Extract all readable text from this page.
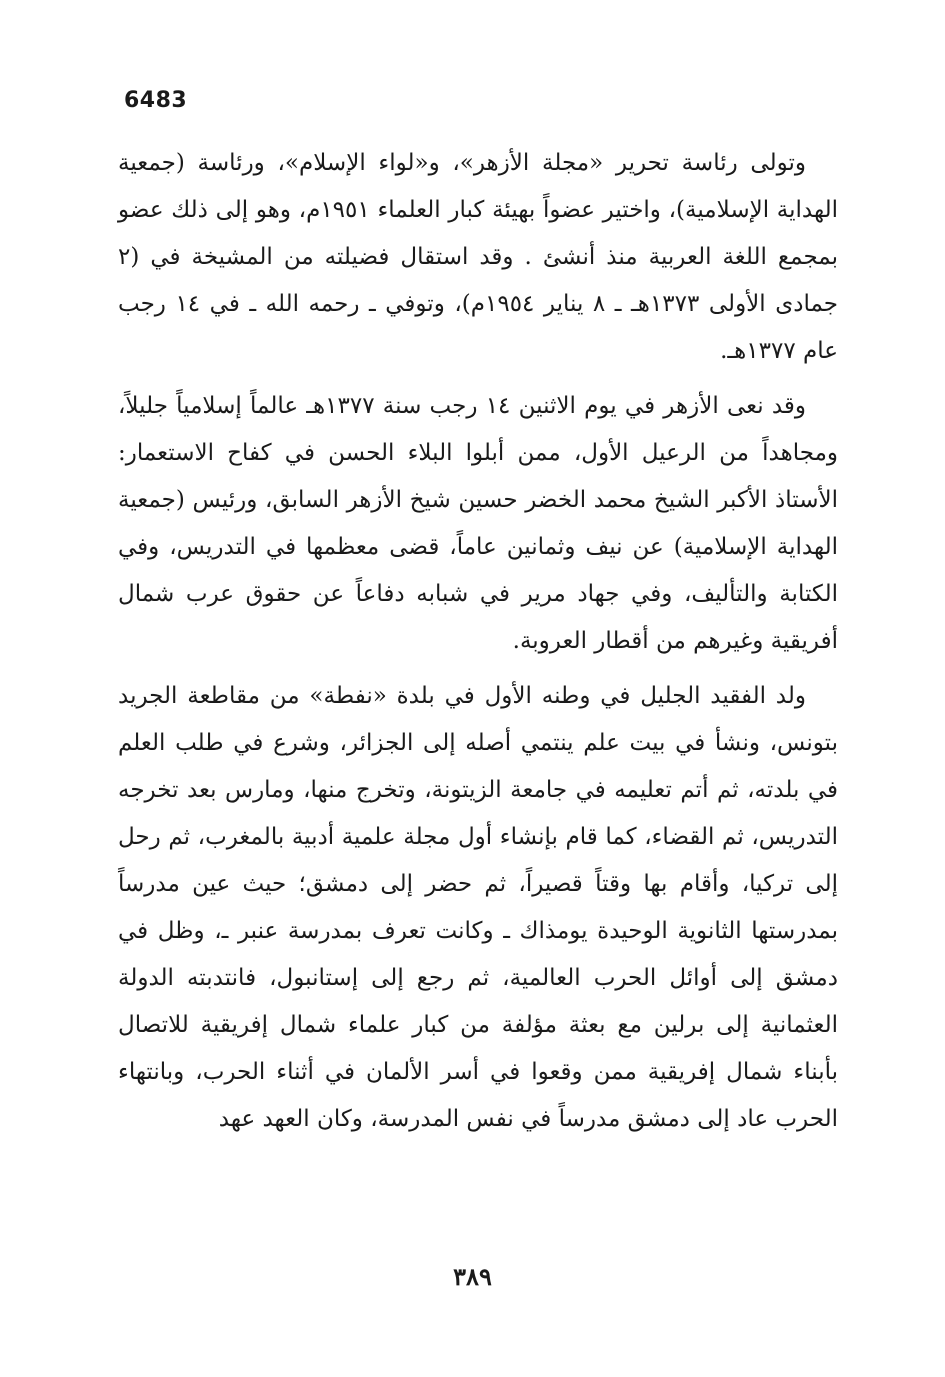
6483

وتولى رئاسة تحرير «مجلة الأزهر»، و«لواء الإسلام»، ورئاسة (جمعية الهداية الإسلامية)، واختير عضواً بهيئة كبار العلماء ١٩٥١م، وهو إلى ذلك عضو بمجمع اللغة العربية منذ أنشئ . وقد استقال فضيلته من المشيخة في (٢ جمادى الأولى ١٣٧٣هـ ـ ٨ يناير ١٩٥٤م)، وتوفي ـ رحمه الله ـ في ١٤ رجب عام ١٣٧٧هـ.

وقد نعى الأزهر في يوم الاثنين ١٤ رجب سنة ١٣٧٧هـ عالماً إسلامياً جليلاً، ومجاهداً من الرعيل الأول، ممن أبلوا البلاء الحسن في كفاح الاستعمار: الأستاذ الأكبر الشيخ محمد الخضر حسين شيخ الأزهر السابق، ورئيس (جمعية الهداية الإسلامية) عن نيف وثمانين عاماً، قضى معظمها في التدريس، وفي الكتابة والتأليف، وفي جهاد مرير في شبابه دفاعاً عن حقوق عرب شمال أفريقية وغيرهم من أقطار العروبة.

ولد الفقيد الجليل في وطنه الأول في بلدة «نفطة» من مقاطعة الجريد بتونس، ونشأ في بيت علم ينتمي أصله إلى الجزائر، وشرع في طلب العلم في بلدته، ثم أتم تعليمه في جامعة الزيتونة، وتخرج منها، ومارس بعد تخرجه التدريس، ثم القضاء، كما قام بإنشاء أول مجلة علمية أدبية بالمغرب، ثم رحل إلى تركيا، وأقام بها وقتاً قصيراً، ثم حضر إلى دمشق؛ حيث عين مدرساً بمدرستها الثانوية الوحيدة يومذاك ـ وكانت تعرف بمدرسة عنبر ـ، وظل في دمشق إلى أوائل الحرب العالمية، ثم رجع إلى إستانبول، فانتدبته الدولة العثمانية إلى برلين مع بعثة مؤلفة من كبار علماء شمال إفريقية للاتصال بأبناء شمال إفريقية ممن وقعوا في أسر الألمان في أثناء الحرب، وبانتهاء الحرب عاد إلى دمشق مدرساً في نفس المدرسة، وكان العهد عهد

٣٨٩
